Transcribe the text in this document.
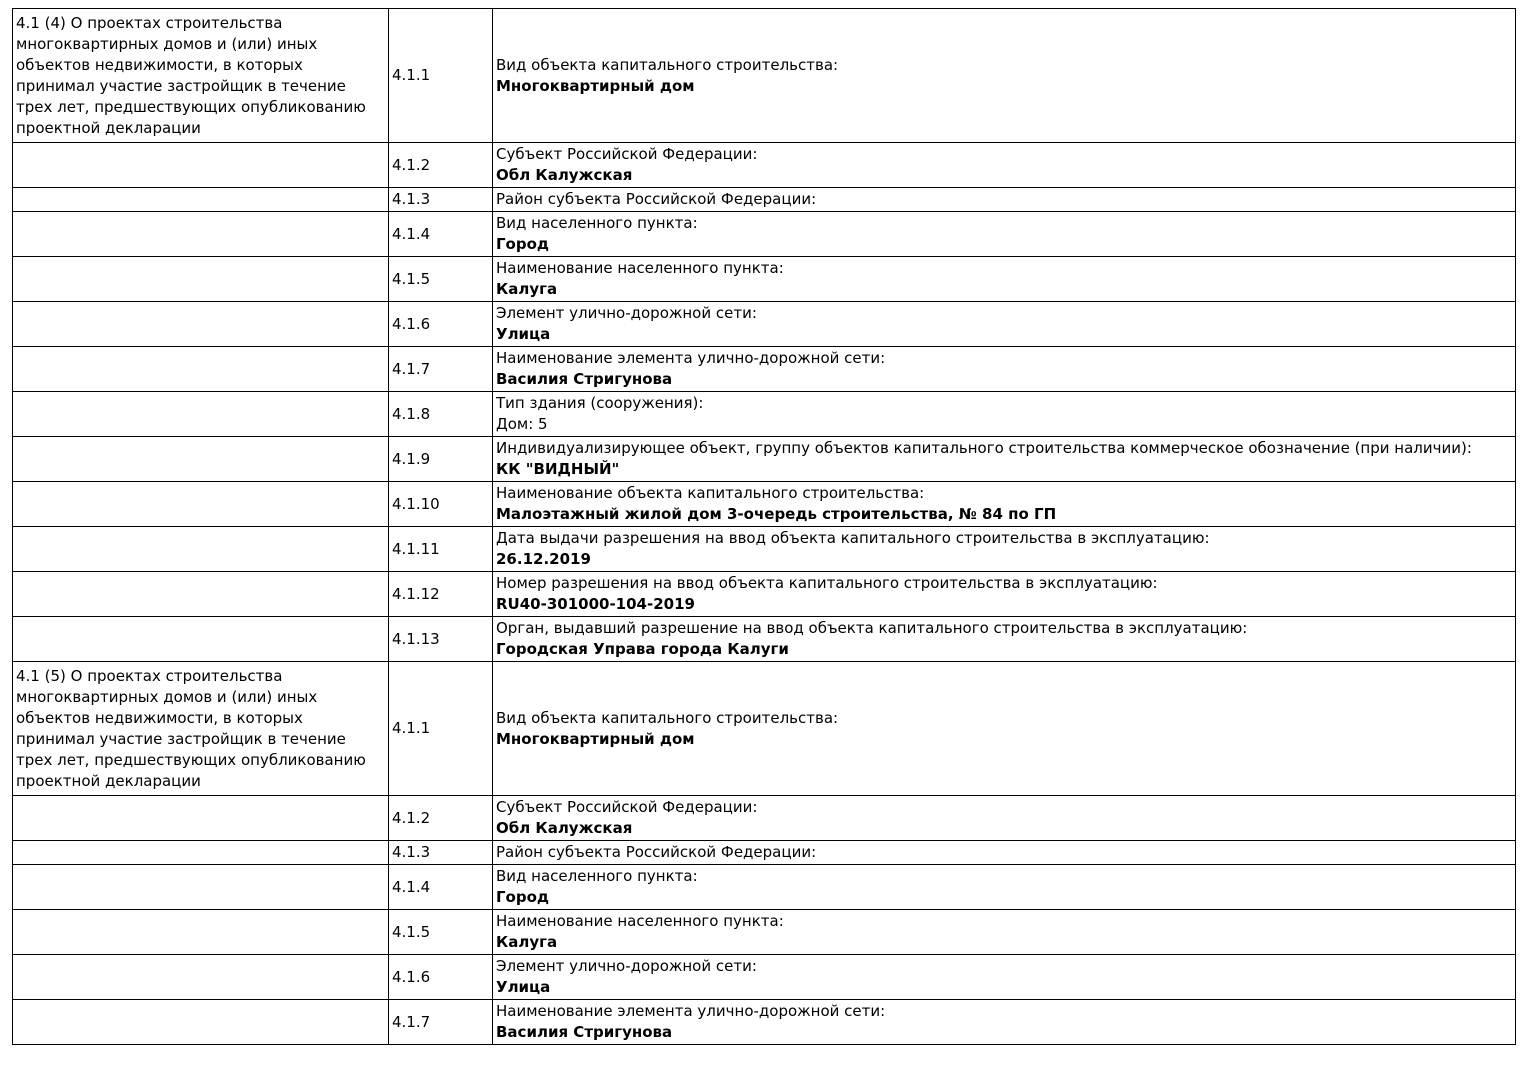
4.1 (4) О проектах строительства многоквартирных домов и (или) иных объектов недвижимости, в которых принимал участие застройщик в течение трех лет, предшествующих опубликованию проектной декларации	4.1.1	Вид объекта капитального строительства:
Многоквартирный дом

	4.1.2	Субъект Российской Федерации:
Обл Калужская

	4.1.3	Район субъекта Российской Федерации:

	4.1.4	Вид населенного пункта:
Город

	4.1.5	Наименование населенного пункта:
Калуга

	4.1.6	Элемент улично-дорожной сети:
Улица

	4.1.7	Наименование элемента улично-дорожной сети:
Василия Стригунова

	4.1.8	Тип здания (сооружения):
Дом: 5

	4.1.9	Индивидуализирующее объект, группу объектов капитального строительства коммерческое обозначение (при наличии):
КК "ВИДНЫЙ"

	4.1.10	Наименование объекта капитального строительства:
Малоэтажный жилой дом 3-очередь строительства, № 84 по ГП

	4.1.11	Дата выдачи разрешения на ввод объекта капитального строительства в эксплуатацию:
26.12.2019

	4.1.12	Номер разрешения на ввод объекта капитального строительства в эксплуатацию:
RU40-301000-104-2019

	4.1.13	Орган, выдавший разрешение на ввод объекта капитального строительства в эксплуатацию:
Городская Управа города Калуги

4.1 (5) О проектах строительства многоквартирных домов и (или) иных объектов недвижимости, в которых принимал участие застройщик в течение трех лет, предшествующих опубликованию проектной декларации	4.1.1	Вид объекта капитального строительства:
Многоквартирный дом

	4.1.2	Субъект Российской Федерации:
Обл Калужская

	4.1.3	Район субъекта Российской Федерации:

	4.1.4	Вид населенного пункта:
Город

	4.1.5	Наименование населенного пункта:
Калуга

	4.1.6	Элемент улично-дорожной сети:
Улица

	4.1.7	Наименование элемента улично-дорожной сети:
Василия Стригунова
